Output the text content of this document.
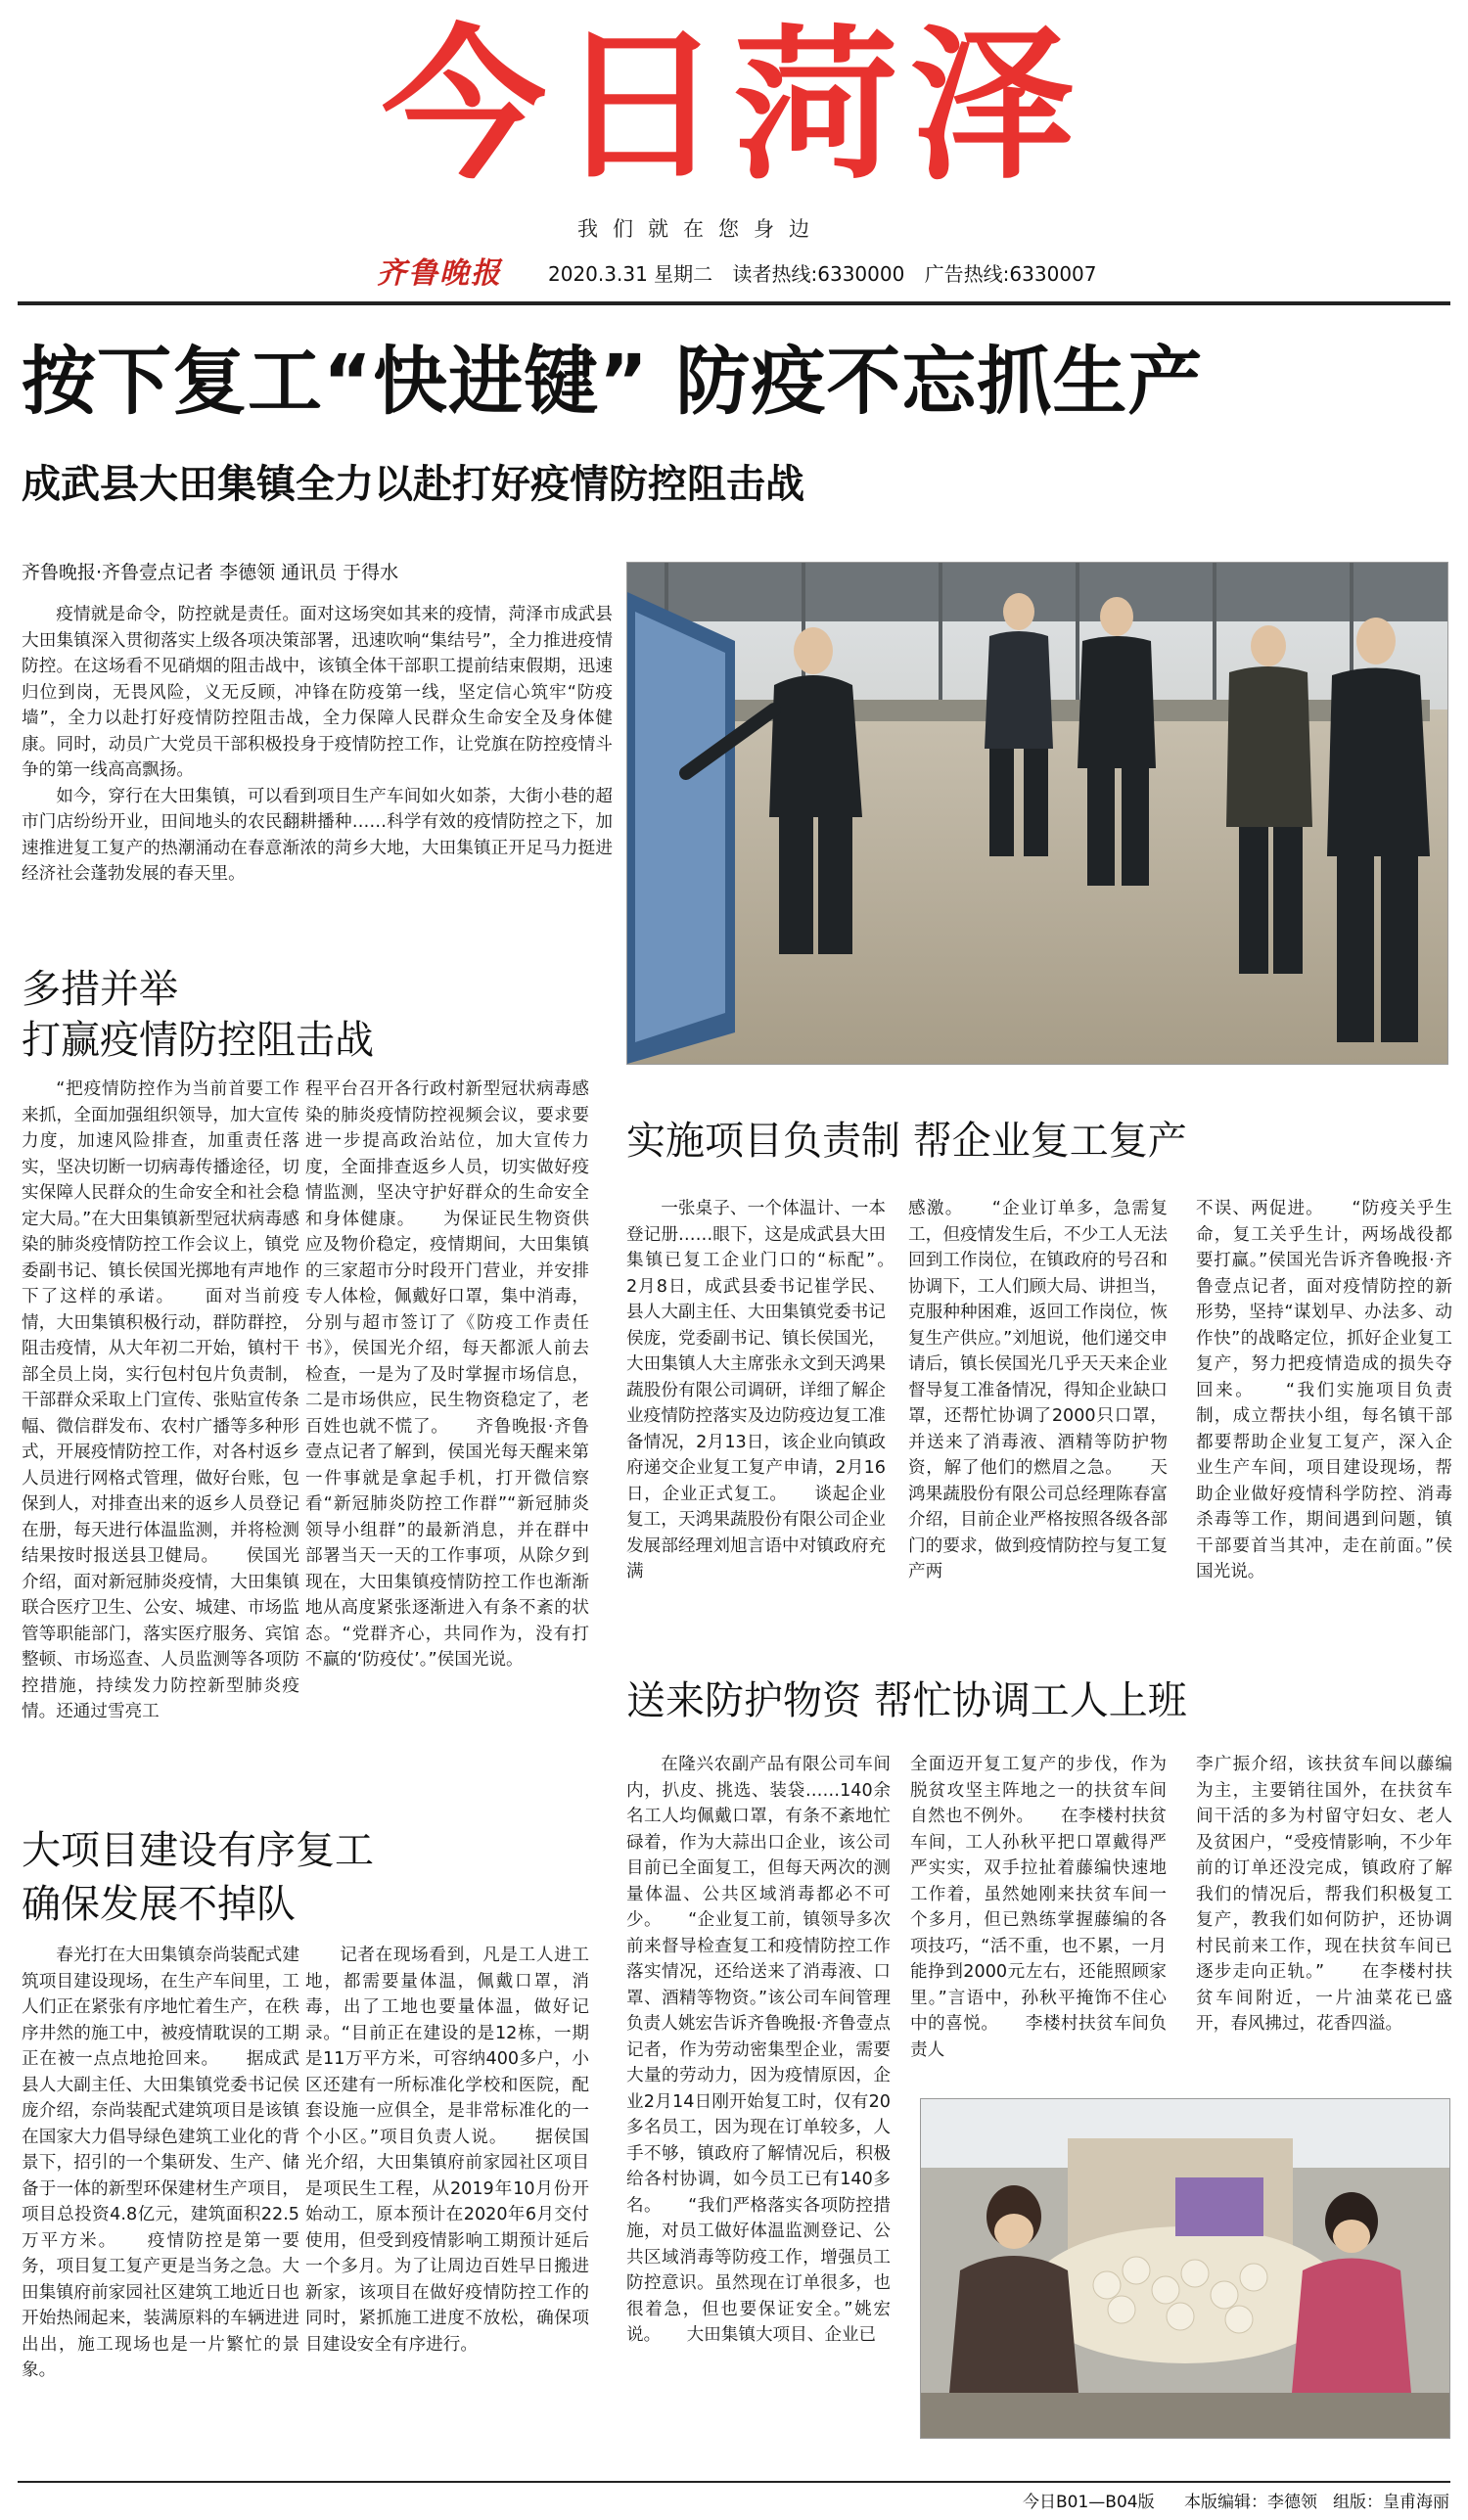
今日菏泽
我们就在您身边
齐鲁晚报 2020.3.31 星期二 读者热线:6330000 广告热线:6330007
按下复工“快进键” 防疫不忘抓生产
成武县大田集镇全力以赴打好疫情防控阻击战
齐鲁晚报·齐鲁壹点记者 李德领 通讯员 于得水

疫情就是命令，防控就是责任。面对这场突如其来的疫情，菏泽市成武县大田集镇深入贯彻落实上级各项决策部署，迅速吹响“集结号”，全力推进疫情防控。在这场看不见硝烟的阻击战中，该镇全体干部职工提前结束假期，迅速归位到岗，无畏风险，义无反顾，冲锋在防疫第一线，坚定信心筑牢“防疫墙”，全力以赴打好疫情防控阻击战，全力保障人民群众生命安全及身体健康。同时，动员广大党员干部积极投身于疫情防控工作，让党旗在防控疫情斗争的第一线高高飘扬。

如今，穿行在大田集镇，可以看到项目生产车间如火如荼，大街小巷的超市门店纷纷开业，田间地头的农民翻耕播种……科学有效的疫情防控之下，加速推进复工复产的热潮涌动在春意渐浓的菏乡大地，大田集镇正开足马力挺进经济社会蓬勃发展的春天里。

多措并举
打赢疫情防控阻击战

“把疫情防控作为当前首要工作来抓，全面加强组织领导，加大宣传力度，加速风险排查，加重责任落实，坚决切断一切病毒传播途径，切实保障人民群众的生命安全和社会稳定大局。”在大田集镇新型冠状病毒感染的肺炎疫情防控工作会议上，镇党委副书记、镇长侯国光掷地有声地作下了这样的承诺。　　面对当前疫情，大田集镇积极行动，群防群控，阻击疫情，从大年初二开始，镇村干部全员上岗，实行包村包片负责制，干部群众采取上门宣传、张贴宣传条幅、微信群发布、农村广播等多种形式，开展疫情防控工作，对各村返乡人员进行网格式管理，做好台账，包保到人，对排查出来的返乡人员登记在册，每天进行体温监测，并将检测结果按时报送县卫健局。　　侯国光介绍，面对新冠肺炎疫情，大田集镇联合医疗卫生、公安、城建、市场监管等职能部门，落实医疗服务、宾馆整顿、市场巡查、人员监测等各项防控措施，持续发力防控新型肺炎疫情。还通过雪亮工

程平台召开各行政村新型冠状病毒感染的肺炎疫情防控视频会议，要求要进一步提高政治站位，加大宣传力度，全面排查返乡人员，切实做好疫情监测，坚决守护好群众的生命安全和身体健康。　　为保证民生物资供应及物价稳定，疫情期间，大田集镇的三家超市分时段开门营业，并安排专人体检，佩戴好口罩，集中消毒，分别与超市签订了《防疫工作责任书》，侯国光介绍，每天都派人前去检查，一是为了及时掌握市场信息，二是市场供应，民生物资稳定了，老百姓也就不慌了。　　齐鲁晚报·齐鲁壹点记者了解到，侯国光每天醒来第一件事就是拿起手机，打开微信察看“新冠肺炎防控工作群”“新冠肺炎领导小组群”的最新消息，并在群中部署当天一天的工作事项，从除夕到现在，大田集镇疫情防控工作也渐渐地从高度紧张逐渐进入有条不紊的状态。“党群齐心，共同作为，没有打不赢的‘防疫仗’。”侯国光说。

实施项目负责制 帮企业复工复产

一张桌子、一个体温计、一本登记册……眼下，这是成武县大田集镇已复工企业门口的“标配”。　　2月8日，成武县委书记崔学民、县人大副主任、大田集镇党委书记侯庞，党委副书记、镇长侯国光，大田集镇人大主席张永文到天鸿果蔬股份有限公司调研，详细了解企业疫情防控落实及边防疫边复工准备情况，2月13日，该企业向镇政府递交企业复工复产申请，2月16日，企业正式复工。　　谈起企业复工，天鸿果蔬股份有限公司企业发展部经理刘旭言语中对镇政府充满

感激。　　“企业订单多，急需复工，但疫情发生后，不少工人无法回到工作岗位，在镇政府的号召和协调下，工人们顾大局、讲担当，克服种种困难，返回工作岗位，恢复生产供应。”刘旭说，他们递交申请后，镇长侯国光几乎天天来企业督导复工准备情况，得知企业缺口罩，还帮忙协调了2000只口罩，并送来了消毒液、酒精等防护物资，解了他们的燃眉之急。　　天鸿果蔬股份有限公司总经理陈春富介绍，目前企业严格按照各级各部门的要求，做到疫情防控与复工复产两

不误、两促进。　　“防疫关乎生命，复工关乎生计，两场战役都要打赢。”侯国光告诉齐鲁晚报·齐鲁壹点记者，面对疫情防控的新形势，坚持“谋划早、办法多、动作快”的战略定位，抓好企业复工复产，努力把疫情造成的损失夺回来。　　“我们实施项目负责制，成立帮扶小组，每名镇干部都要帮助企业复工复产，深入企业生产车间，项目建设现场，帮助企业做好疫情科学防控、消毒杀毒等工作，期间遇到问题，镇干部要首当其冲，走在前面。”侯国光说。

送来防护物资 帮忙协调工人上班

在隆兴农副产品有限公司车间内，扒皮、挑选、装袋……140余名工人均佩戴口罩，有条不紊地忙碌着，作为大蒜出口企业，该公司目前已全面复工，但每天两次的测量体温、公共区域消毒都必不可少。　　“企业复工前，镇领导多次前来督导检查复工和疫情防控工作落实情况，还给送来了消毒液、口罩、酒精等物资。”该公司车间管理负责人姚宏告诉齐鲁晚报·齐鲁壹点记者，作为劳动密集型企业，需要大量的劳动力，因为疫情原因，企业2月14日刚开始复工时，仅有20多名员工，因为现在订单较多，人手不够，镇政府了解情况后，积极给各村协调，如今员工已有140多名。　　“我们严格落实各项防控措施，对员工做好体温监测登记、公共区域消毒等防疫工作，增强员工防控意识。虽然现在订单很多，也很着急，但也要保证安全。”姚宏说。　　大田集镇大项目、企业已

全面迈开复工复产的步伐，作为脱贫攻坚主阵地之一的扶贫车间自然也不例外。　　在李楼村扶贫车间，工人孙秋平把口罩戴得严严实实，双手拉扯着藤编快速地工作着，虽然她刚来扶贫车间一个多月，但已熟练掌握藤编的各项技巧，“活不重，也不累，一月能挣到2000元左右，还能照顾家里。”言语中，孙秋平掩饰不住心中的喜悦。　　李楼村扶贫车间负责人

李广振介绍，该扶贫车间以藤编为主，主要销往国外，在扶贫车间干活的多为村留守妇女、老人及贫困户，“受疫情影响，不少年前的订单还没完成，镇政府了解我们的情况后，帮我们积极复工复产，教我们如何防护，还协调村民前来工作，现在扶贫车间已逐步走向正轨。”　　在李楼村扶贫车间附近，一片油菜花已盛开，春风拂过，花香四溢。

大项目建设有序复工
确保发展不掉队

春光打在大田集镇奈尚装配式建筑项目建设现场，在生产车间里，工人们正在紧张有序地忙着生产，在秩序井然的施工中，被疫情耽误的工期正在被一点点地抢回来。　　据成武县人大副主任、大田集镇党委书记侯庞介绍，奈尚装配式建筑项目是该镇在国家大力倡导绿色建筑工业化的背景下，招引的一个集研发、生产、储备于一体的新型环保建材生产项目，项目总投资4.8亿元，建筑面积22.5万平方米。　　疫情防控是第一要务，项目复工复产更是当务之急。大田集镇府前家园社区建筑工地近日也开始热闹起来，装满原料的车辆进进出出，施工现场也是一片繁忙的景象。

记者在现场看到，凡是工人进工地，都需要量体温，佩戴口罩，消毒，出了工地也要量体温，做好记录。“目前正在建设的是12栋，一期是11万平方米，可容纳400多户，小区还建有一所标准化学校和医院，配套设施一应俱全，是非常标准化的一个小区。”项目负责人说。　　据侯国光介绍，大田集镇府前家园社区项目是项民生工程，从2019年10月份开始动工，原本预计在2020年6月交付使用，但受到疫情影响工期预计延后一个多月。为了让周边百姓早日搬进新家，该项目在做好疫情防控工作的同时，紧抓施工进度不放松，确保项目建设安全有序进行。

今日B01—B04版 本版编辑：李德领 组版：皇甫海丽
